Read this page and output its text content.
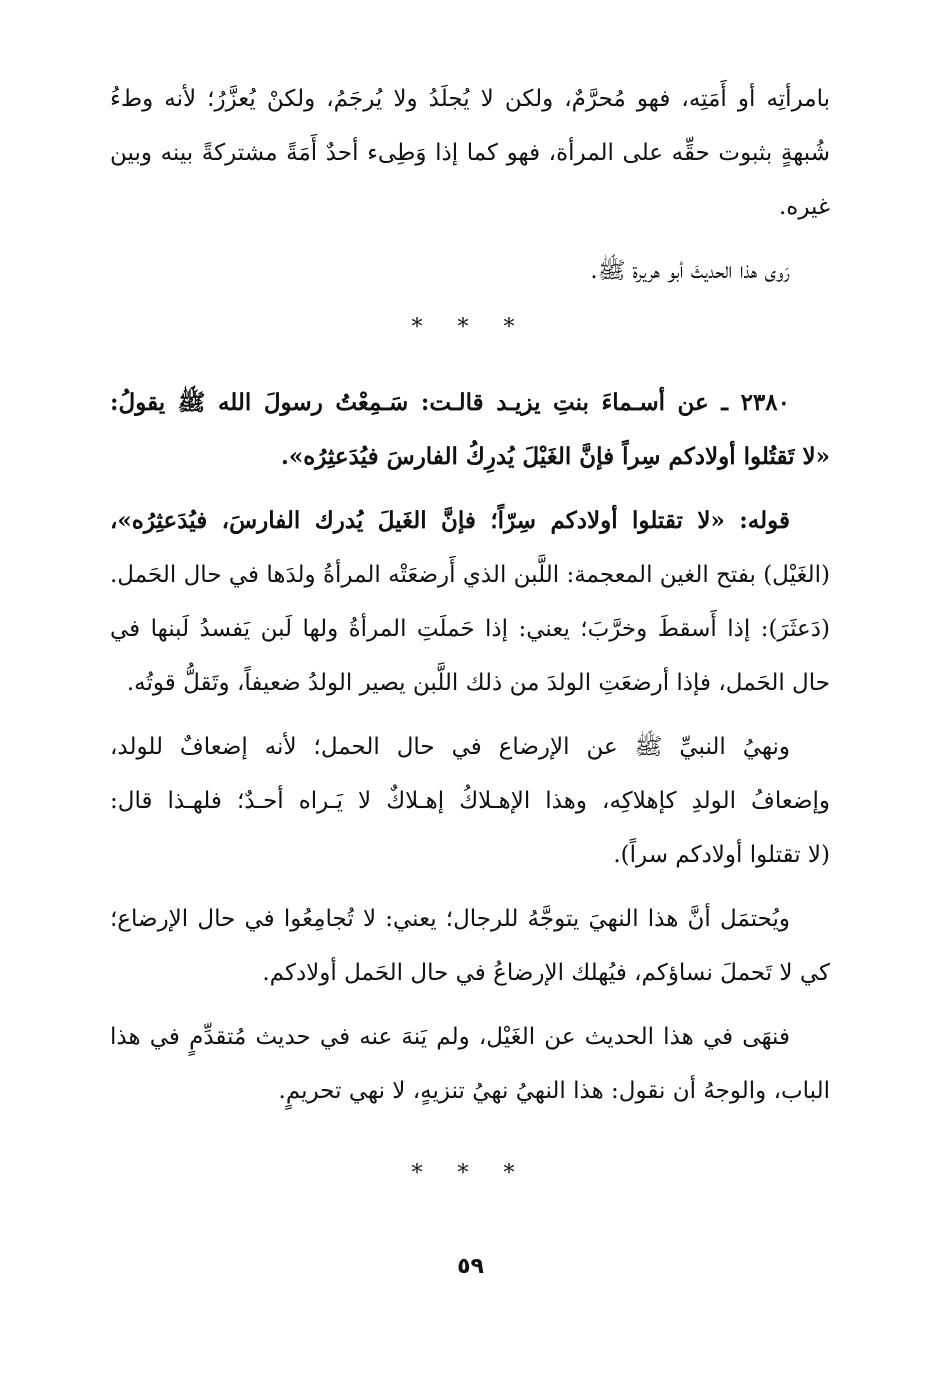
بامرأتِه أو أَمَتِه، فهو مُحرَّمٌ، ولكن لا يُجلَدُ ولا يُرجَمُ، ولكنْ يُعزَّرُ؛ لأنه وطءُ
شُبهةٍ بثبوت حقِّه على المرأة، فهو كما إذا وَطِىء أحدٌ أَمَةً مشتركةً بينه وبين
غيره.
رَوى هذا الحديثَ أبو هريرة ﷺ.
* * *
٢٣٨٠ ـ عن أسـماءَ بنتِ يزيـد قالـت: سَـمِعْتُ رسولَ الله ﷺ يقولُ:
«لا تَقتُلوا أولادكم سِراً فإنَّ الغَيْلَ يُدرِكُ الفارسَ فيُدَعثِرُه».
قوله: «لا تقتلوا أولادكم سِرّاً؛ فإنَّ الغَيلَ يُدرك الفارسَ، فيُدَعثِرُه»،
(الغَيْل) بفتح الغين المعجمة: اللَّبن الذي أَرضعَتْه المرأةُ ولدَها في حال الحَمل.
(دَعثَرَ): إذا أَسقطَ وخرَّبَ؛ يعني: إذا حَملَتِ المرأةُ ولها لَبن يَفسدُ لَبنها في
حال الحَمل، فإذا أرضعَتِ الولدَ من ذلك اللَّبن يصير الولدُ ضعيفاً، وتَقلُّ قوتُه.
ونهيُ النبيِّ ﷺ عن الإرضاع في حال الحمل؛ لأنه إضعافٌ للولد،
وإضعافُ الولدِ كإهلاكِه، وهذا الإهـلاكُ إهـلاكٌ لا يَـراه أحـدٌ؛ فلهـذا قال:
(لا تقتلوا أولادكم سراً).
ويُحتمَل أنَّ هذا النهيَ يتوجَّهُ للرجال؛ يعني: لا تُجامِعُوا في حال الإرضاع؛
كي لا تَحملَ نساؤكم، فيُهلك الإرضاعُ في حال الحَمل أولادكم.
فنهَى في هذا الحديث عن الغَيْل، ولم يَنهَ عنه في حديث مُتقدِّمٍ في هذا
الباب، والوجهُ أن نقول: هذا النهيُ نهيُ تنزيهٍ، لا نهي تحريمٍ.
* * *
٥٩
